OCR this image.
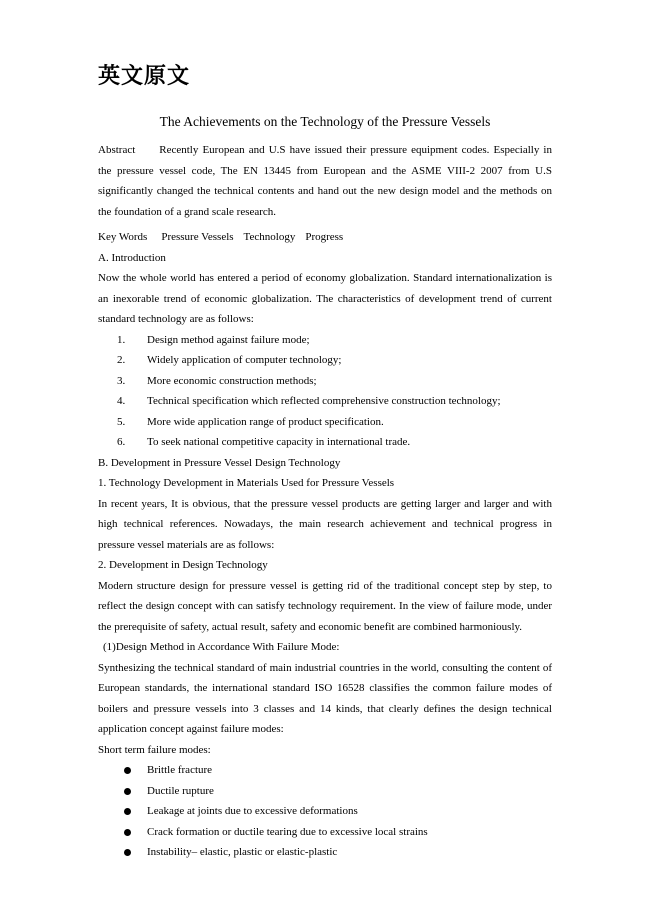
英文原文
The Achievements on the Technology of the Pressure Vessels

Abstract Recently European and U.S have issued their pressure equipment codes. Especially in the pressure vessel code, The EN 13445 from European and the ASME VIII-2 2007 from U.S significantly changed the technical contents and hand out the new design model and the methods on the foundation of a grand scale research.

Key Words Pressure Vessels Technology Progress

A. Introduction

Now the whole world has entered a period of economy globalization. Standard internationalization is an inexorable trend of economic globalization. The characteristics of development trend of current standard technology are as follows:

1. Design method against failure mode;
2. Widely application of computer technology;
3. More economic construction methods;
4. Technical specification which reflected comprehensive construction technology;
5. More wide application range of product specification.
6. To seek national competitive capacity in international trade.

B. Development in Pressure Vessel Design Technology

1. Technology Development in Materials Used for Pressure Vessels

In recent years, It is obvious, that the pressure vessel products are getting larger and larger and with high technical references. Nowadays, the main research achievement and technical progress in pressure vessel materials are as follows:

2. Development in Design Technology

Modern structure design for pressure vessel is getting rid of the traditional concept step by step, to reflect the design concept with can satisfy technology requirement. In the view of failure mode, under the prerequisite of safety, actual result, safety and economic benefit are combined harmoniously.

(1)Design Method in Accordance With Failure Mode:

Synthesizing the technical standard of main industrial countries in the world, consulting the content of European standards, the international standard ISO 16528 classifies the common failure modes of boilers and pressure vessels into 3 classes and 14 kinds, that clearly defines the design technical application concept against failure modes:

Short term failure modes:

Brittle fracture
Ductile rupture
Leakage at joints due to excessive deformations
Crack formation or ductile tearing due to excessive local strains
Instability– elastic, plastic or elastic-plastic
